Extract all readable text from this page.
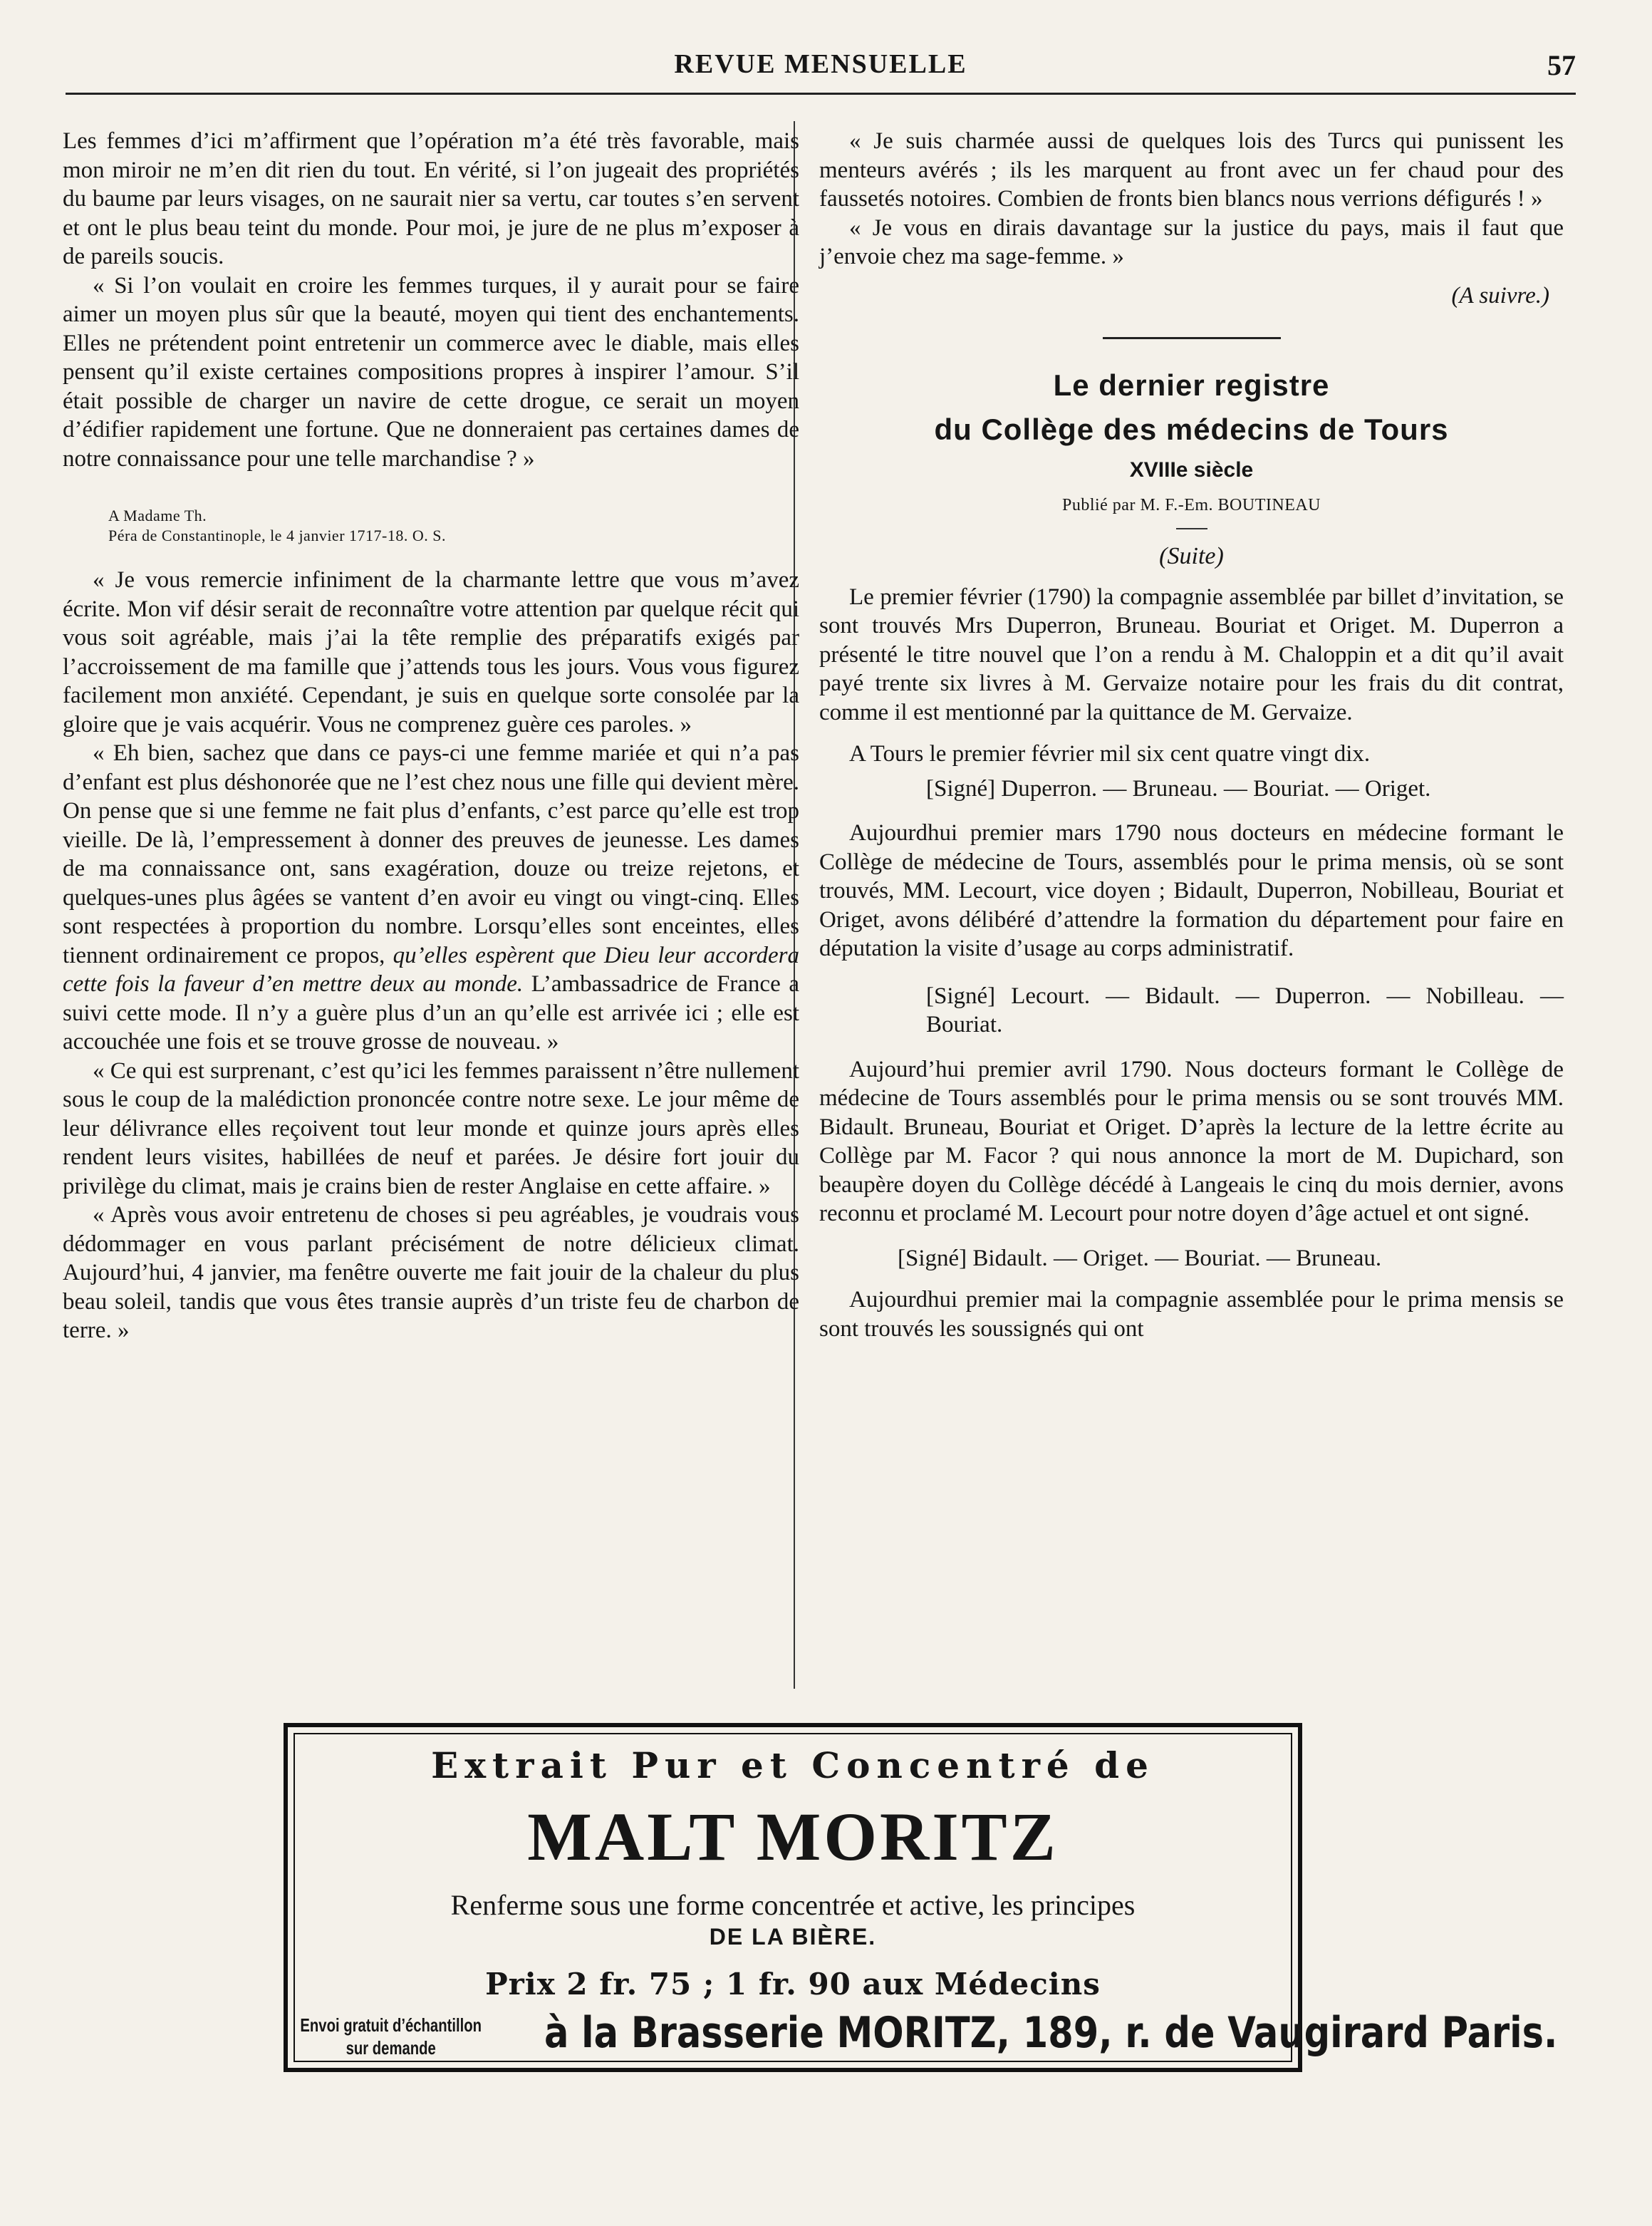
REVUE MENSUELLE	57

Les femmes d’ici m’affirment que l’opération m’a été très favorable, mais mon miroir ne m’en dit rien du tout. En vérité, si l’on jugeait des propriétés du baume par leurs visages, on ne saurait nier sa vertu, car toutes s’en servent et ont le plus beau teint du monde. Pour moi, je jure de ne plus m’exposer à de pareils soucis.

« Si l’on voulait en croire les femmes turques, il y aurait pour se faire aimer un moyen plus sûr que la beauté, moyen qui tient des enchantements. Elles ne prétendent point entretenir un commerce avec le diable, mais elles pensent qu’il existe certaines compositions propres à inspirer l’amour. S’il était possible de charger un navire de cette drogue, ce serait un moyen d’édifier rapidement une fortune. Que ne donneraient pas certaines dames de notre connaissance pour une telle marchandise ? »

A Madame Th.
Péra de Constantinople, le 4 janvier 1717-18. O. S.

« Je vous remercie infiniment de la charmante lettre que vous m’avez écrite. Mon vif désir serait de reconnaître votre attention par quelque récit qui vous soit agréable, mais j’ai la tête remplie des préparatifs exigés par l’accroissement de ma famille que j’attends tous les jours. Vous vous figurez facilement mon anxiété. Cependant, je suis en quelque sorte consolée par la gloire que je vais acquérir. Vous ne comprenez guère ces paroles. »

« Eh bien, sachez que dans ce pays-ci une femme mariée et qui n’a pas d’enfant est plus déshonorée que ne l’est chez nous une fille qui devient mère. On pense que si une femme ne fait plus d’enfants, c’est parce qu’elle est trop vieille. De là, l’empressement à donner des preuves de jeunesse. Les dames de ma connaissance ont, sans exagération, douze ou treize rejetons, et quelques-unes plus âgées se vantent d’en avoir eu vingt ou vingt-cinq. Elles sont respectées à proportion du nombre. Lorsqu’elles sont enceintes, elles tiennent ordinairement ce propos, qu’elles espèrent que Dieu leur accordera cette fois la faveur d’en mettre deux au monde. L’ambassadrice de France a suivi cette mode. Il n’y a guère plus d’un an qu’elle est arrivée ici ; elle est accouchée une fois et se trouve grosse de nouveau. »

« Ce qui est surprenant, c’est qu’ici les femmes paraissent n’être nullement sous le coup de la malédiction prononcée contre notre sexe. Le jour même de leur délivrance elles reçoivent tout leur monde et quinze jours après elles rendent leurs visites, habillées de neuf et parées. Je désire fort jouir du privilège du climat, mais je crains bien de rester Anglaise en cette affaire. »

« Après vous avoir entretenu de choses si peu agréables, je voudrais vous dédommager en vous parlant précisément de notre délicieux climat. Aujourd’hui, 4 janvier, ma fenêtre ouverte me fait jouir de la chaleur du plus beau soleil, tandis que vous êtes transie auprès d’un triste feu de charbon de terre. »

« Je suis charmée aussi de quelques lois des Turcs qui punissent les menteurs avérés ; ils les marquent au front avec un fer chaud pour des faussetés notoires. Combien de fronts bien blancs nous verrions défigurés ! »

« Je vous en dirais davantage sur la justice du pays, mais il faut que j’envoie chez ma sage-femme. »

(A suivre.)

Le dernier registre
du Collège des médecins de Tours
XVIIIe siècle
Publié par M. F.-Em. BOUTINEAU
(Suite)

Le premier février (1790) la compagnie assemblée par billet d’invitation, se sont trouvés Mrs Duperron, Bruneau. Bouriat et Origet. M. Duperron a présenté le titre nouvel que l’on a rendu à M. Chaloppin et a dit qu’il avait payé trente six livres à M. Gervaize notaire pour les frais du dit contrat, comme il est mentionné par la quittance de M. Gervaize.

A Tours le premier février mil six cent quatre vingt dix.

[Signé] Duperron. — Bruneau. — Bouriat. — Origet.

Aujourdhui premier mars 1790 nous docteurs en médecine formant le Collège de médecine de Tours, assemblés pour le prima mensis, où se sont trouvés, MM. Lecourt, vice doyen ; Bidault, Duperron, Nobilleau, Bouriat et Origet, avons délibéré d’attendre la formation du département pour faire en députation la visite d’usage au corps administratif.

[Signé] Lecourt. — Bidault. — Duperron. — Nobilleau. — Bouriat.

Aujourd’hui premier avril 1790. Nous docteurs formant le Collège de médecine de Tours assemblés pour le prima mensis ou se sont trouvés MM. Bidault. Bruneau, Bouriat et Origet. D’après la lecture de la lettre écrite au Collège par M. Facor ? qui nous annonce la mort de M. Dupichard, son beaupère doyen du Collège décédé à Langeais le cinq du mois dernier, avons reconnu et proclamé M. Lecourt pour notre doyen d’âge actuel et ont signé.

[Signé] Bidault. — Origet. — Bouriat. — Bruneau.

Aujourdhui premier mai la compagnie assemblée pour le prima mensis se sont trouvés les soussignés qui ont

Extrait Pur et Concentré de
MALT MORITZ
Renferme sous une forme concentrée et active, les principes
DE LA BIÈRE.
Prix 2 fr. 75 ; 1 fr. 90 aux Médecins
Envoi gratuit d’échantillon
sur demande	à la Brasserie MORITZ, 189, r. de Vaugirard Paris.
